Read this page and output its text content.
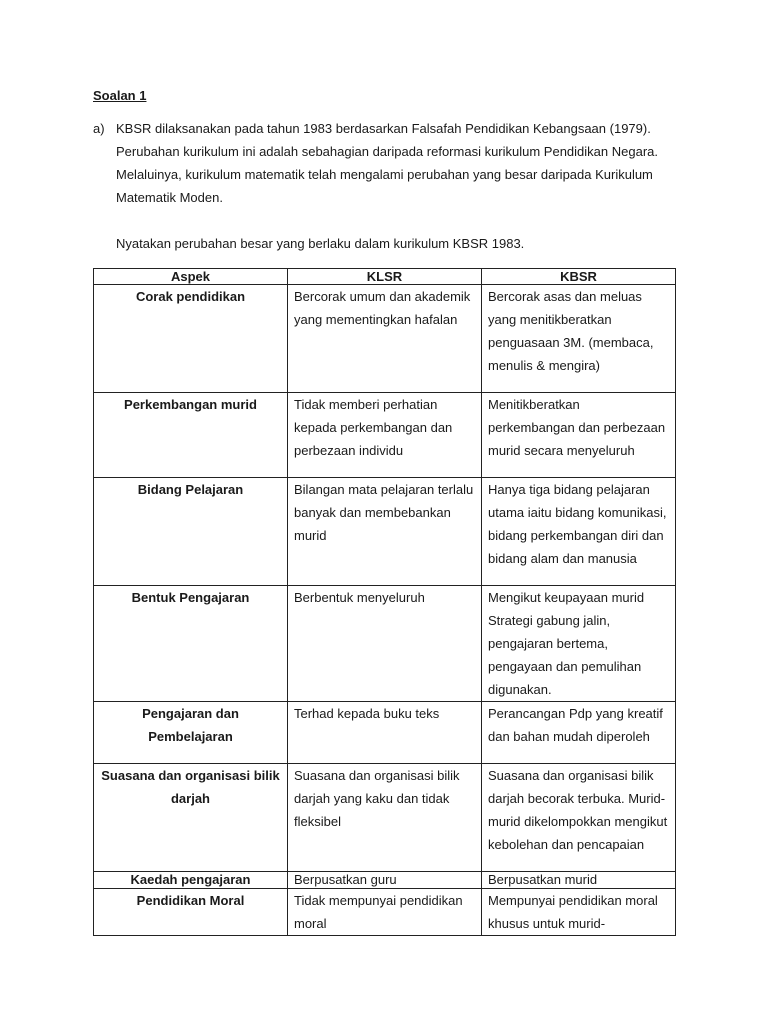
Soalan 1
a) KBSR dilaksanakan pada tahun 1983 berdasarkan Falsafah Pendidikan Kebangsaan (1979). Perubahan kurikulum ini adalah sebahagian daripada reformasi kurikulum Pendidikan Negara. Melaluinya, kurikulum matematik telah mengalami perubahan yang besar daripada Kurikulum Matematik Moden.
Nyatakan perubahan besar yang berlaku dalam kurikulum KBSR 1983.
Aspek	KLSR	KBSR
Corak pendidikan	Bercorak umum dan akademik yang mementingkan hafalan	Bercorak asas dan meluas yang menitikberatkan penguasaan 3M. (membaca, menulis & mengira)
Perkembangan murid	Tidak memberi perhatian kepada perkembangan dan perbezaan individu	Menitikberatkan perkembangan dan perbezaan murid secara menyeluruh
Bidang Pelajaran	Bilangan mata pelajaran terlalu banyak dan membebankan murid	Hanya tiga bidang pelajaran utama iaitu bidang komunikasi, bidang perkembangan diri dan bidang alam dan manusia
Bentuk Pengajaran	Berbentuk menyeluruh	Mengikut keupayaan murid Strategi gabung jalin, pengajaran bertema, pengayaan dan pemulihan digunakan.
Pengajaran dan Pembelajaran	Terhad kepada buku teks	Perancangan Pdp yang kreatif dan bahan mudah diperoleh
Suasana dan organisasi bilik darjah	Suasana dan organisasi bilik darjah yang kaku dan tidak fleksibel	Suasana dan organisasi bilik darjah becorak terbuka. Murid-murid dikelompokkan mengikut kebolehan dan pencapaian
Kaedah pengajaran	Berpusatkan guru	Berpusatkan murid
Pendidikan Moral	Tidak mempunyai pendidikan moral	Mempunyai pendidikan moral khusus untuk murid-
